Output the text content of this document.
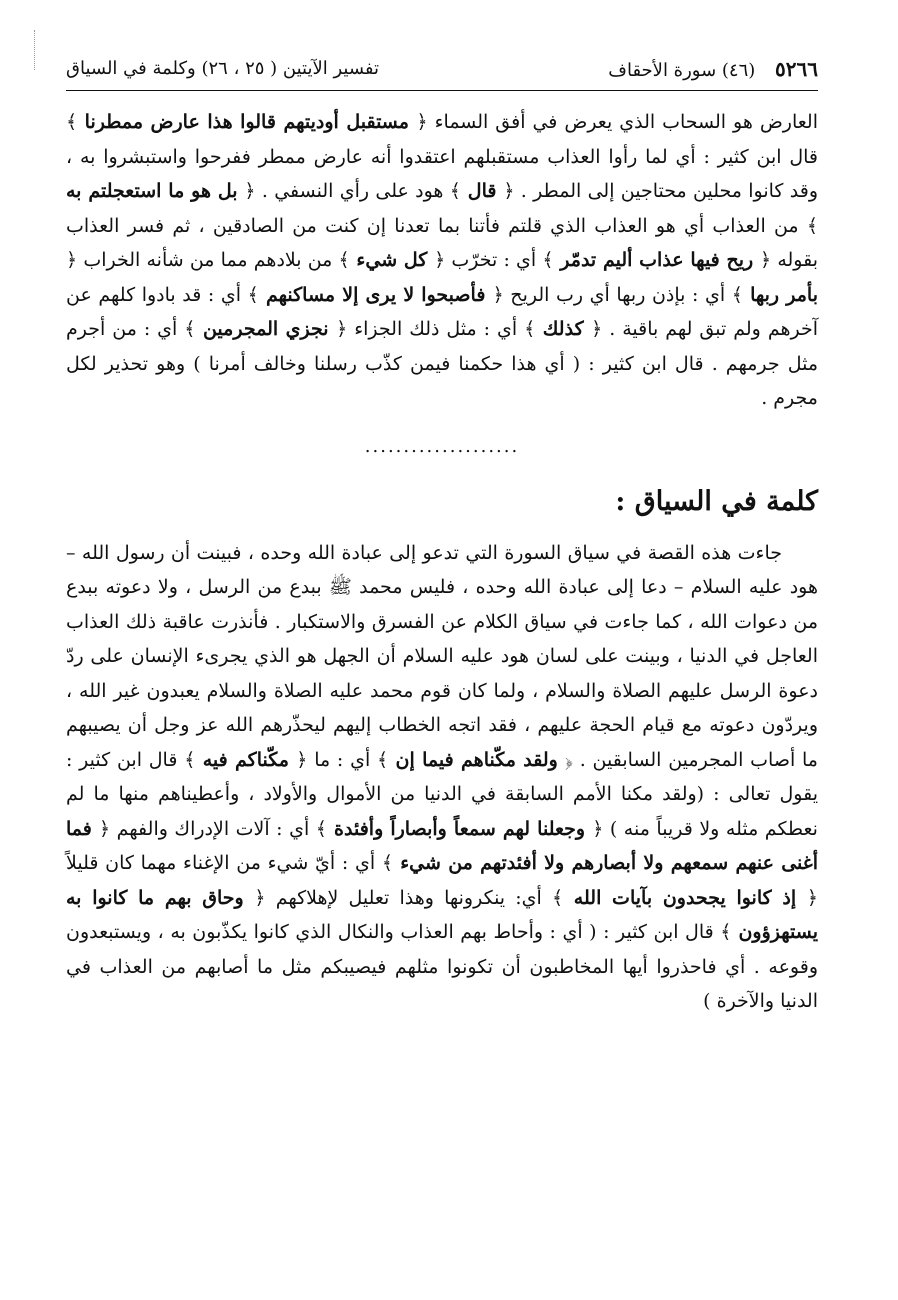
٥٢٦٦ (٤٦) سورة الأحقاف
تفسير الآيتين ( ٢٥ ، ٢٦) وكلمة في السياق

العارض هو السحاب الذي يعرض في أفق السماء ﴿ مستقبل أوديتهم قالوا هذا عارض ممطرنا ﴾ قال ابن كثير : أي لما رأوا العذاب مستقبلهم اعتقدوا أنه عارض ممطر ففرحوا واستبشروا به ، وقد كانوا محلين محتاجين إلى المطر . ﴿ قال ﴾ هود على رأي النسفي . ﴿ بل هو ما استعجلتم به ﴾ من العذاب أي هو العذاب الذي قلتم فأتنا بما تعدنا إن كنت من الصادقين ، ثم فسر العذاب بقوله ﴿ ريح فيها عذاب أليم تدمّر ﴾ أي : تخرّب ﴿ كل شيء ﴾ من بلادهم مما من شأنه الخراب ﴿ بأمر ربها ﴾ أي : بإذن ربها أي رب الريح ﴿ فأصبحوا لا يرى إلا مساكنهم ﴾ أي : قد بادوا كلهم عن آخرهم ولم تبق لهم باقية . ﴿ كذلك ﴾ أي : مثل ذلك الجزاء ﴿ نجزي المجرمين ﴾ أي : من أجرم مثل جرمهم . قال ابن كثير : ( أي هذا حكمنا فيمن كذّب رسلنا وخالف أمرنا ) وهو تحذير لكل مجرم .

....................
كلمة في السياق :

جاءت هذه القصة في سياق السورة التي تدعو إلى عبادة الله وحده ، فبينت أن رسول الله – هود عليه السلام – دعا إلى عبادة الله وحده ، فليس محمد ﷺ ببدع من الرسل ، ولا دعوته ببدع من دعوات الله ، كما جاءت في سياق الكلام عن الفسرق والاستكبار . فأنذرت عاقبة ذلك العذاب العاجل في الدنيا ، وبينت على لسان هود عليه السلام أن الجهل هو الذي يجرىء الإنسان على ردّ دعوة الرسل عليهم الصلاة والسلام ، ولما كان قوم محمد عليه الصلاة والسلام يعبدون غير الله ، ويردّون دعوته مع قيام الحجة عليهم ، فقد اتجه الخطاب إليهم ليحذّرهم الله عز وجل أن يصيبهم ما أصاب المجرمين السابقين . ﴿ ولقد مكّناهم فيما إن ﴾ أي : ما ﴿ مكّناكم فيه ﴾ قال ابن كثير : يقول تعالى : (ولقد مكنا الأمم السابقة في الدنيا من الأموال والأولاد ، وأعطيناهم منها ما لم نعطكم مثله ولا قريباً منه ) ﴿ وجعلنا لهم سمعاً وأبصاراً وأفئدة ﴾ أي : آلات الإدراك والفهم ﴿ فما أغنى عنهم سمعهم ولا أبصارهم ولا أفئدتهم من شيء ﴾ أي : أيّ شيء من الإغناء مهما كان قليلاً ﴿ إذ كانوا يجحدون بآيات الله ﴾ أي: ينكرونها وهذا تعليل لإهلاكهم ﴿ وحاق بهم ما كانوا به يستهزؤون ﴾ قال ابن كثير : ( أي : وأحاط بهم العذاب والنكال الذي كانوا يكذّبون به ، ويستبعدون وقوعه . أي فاحذروا أيها المخاطبون أن تكونوا مثلهم فيصيبكم مثل ما أصابهم من العذاب في الدنيا والآخرة )
